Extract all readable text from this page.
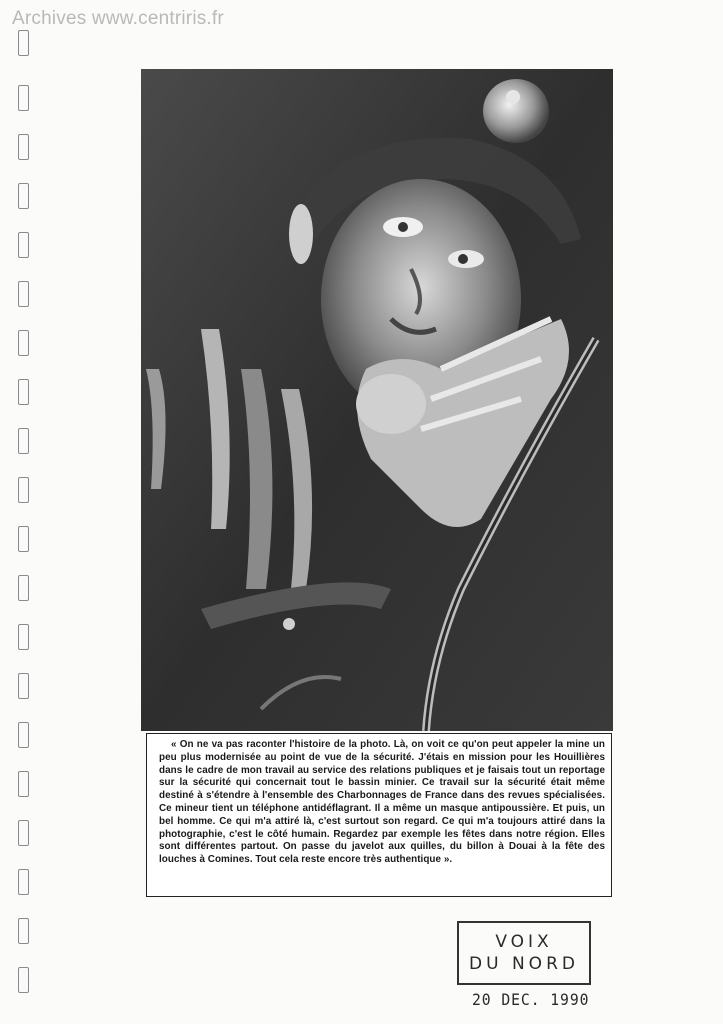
Archives www.centriris.fr

« On ne va pas raconter l'histoire de la photo. Là, on voit ce qu'on peut appeler la mine un peu plus modernisée au point de vue de la sécurité. J'étais en mission pour les Houillières dans le cadre de mon travail au service des relations publiques et je faisais tout un reportage sur la sécurité qui concernait tout le bassin minier. Ce travail sur la sécurité était même destiné à s'étendre à l'ensemble des Charbonnages de France dans des revues spécialisées. Ce mineur tient un téléphone antidéflagrant. Il a même un masque antipoussière. Et puis, un bel homme. Ce qui m'a attiré là, c'est surtout son regard. Ce qui m'a toujours attiré dans la photographie, c'est le côté humain. Regardez par exemple les fêtes dans notre région. Elles sont différentes partout. On passe du javelot aux quilles, du billon à Douai à la fête des louches à Comines. Tout cela reste encore très authentique ».

VOIX
DU NORD
20 DEC. 1990
